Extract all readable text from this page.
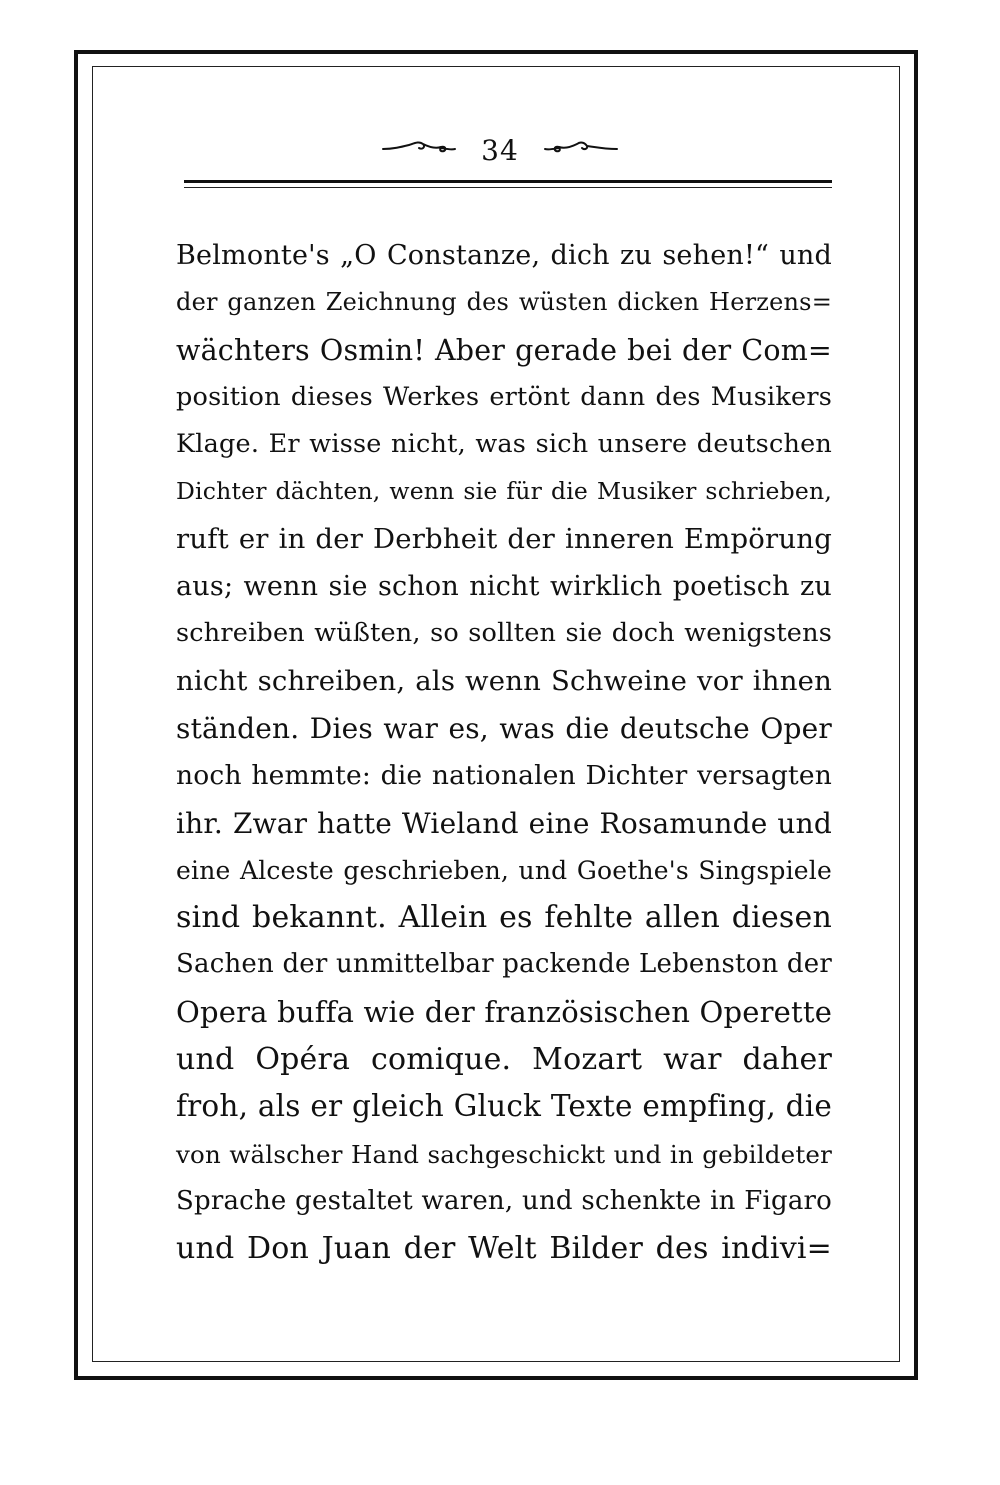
34
Belmonte's „O Constanze, dich zu sehen!“ und
der ganzen Zeichnung des wüsten dicken Herzens=
wächters Osmin! Aber gerade bei der Com=
position dieses Werkes ertönt dann des Musikers
Klage. Er wisse nicht, was sich unsere deutschen
Dichter dächten, wenn sie für die Musiker schrieben,
ruft er in der Derbheit der inneren Empörung
aus; wenn sie schon nicht wirklich poetisch zu
schreiben wüßten, so sollten sie doch wenigstens
nicht schreiben, als wenn Schweine vor ihnen
ständen. Dies war es, was die deutsche Oper
noch hemmte: die nationalen Dichter versagten
ihr. Zwar hatte Wieland eine Rosamunde und
eine Alceste geschrieben, und Goethe's Singspiele
sind bekannt. Allein es fehlte allen diesen
Sachen der unmittelbar packende Lebenston der
Opera buffa wie der französischen Operette
und Opéra comique. Mozart war daher
froh, als er gleich Gluck Texte empfing, die
von wälscher Hand sachgeschickt und in gebildeter
Sprache gestaltet waren, und schenkte in Figaro
und Don Juan der Welt Bilder des indivi=
